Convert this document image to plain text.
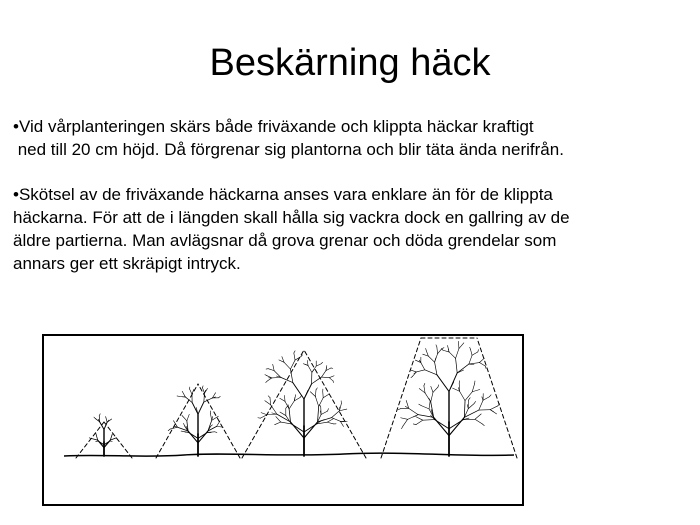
Beskärning häck
•Vid vårplanteringen skärs både friväxande och klippta häckar kraftigt
ned till 20 cm höjd. Då förgrenar sig plantorna och blir täta ända nerifrån.
•Skötsel av de friväxande häckarna anses vara enklare än för de klippta
häckarna. För att de i längden skall hålla sig vackra dock en gallring av de
äldre partierna. Man avlägsnar då grova grenar och döda grendelar som
annars ger ett skräpigt intryck.
